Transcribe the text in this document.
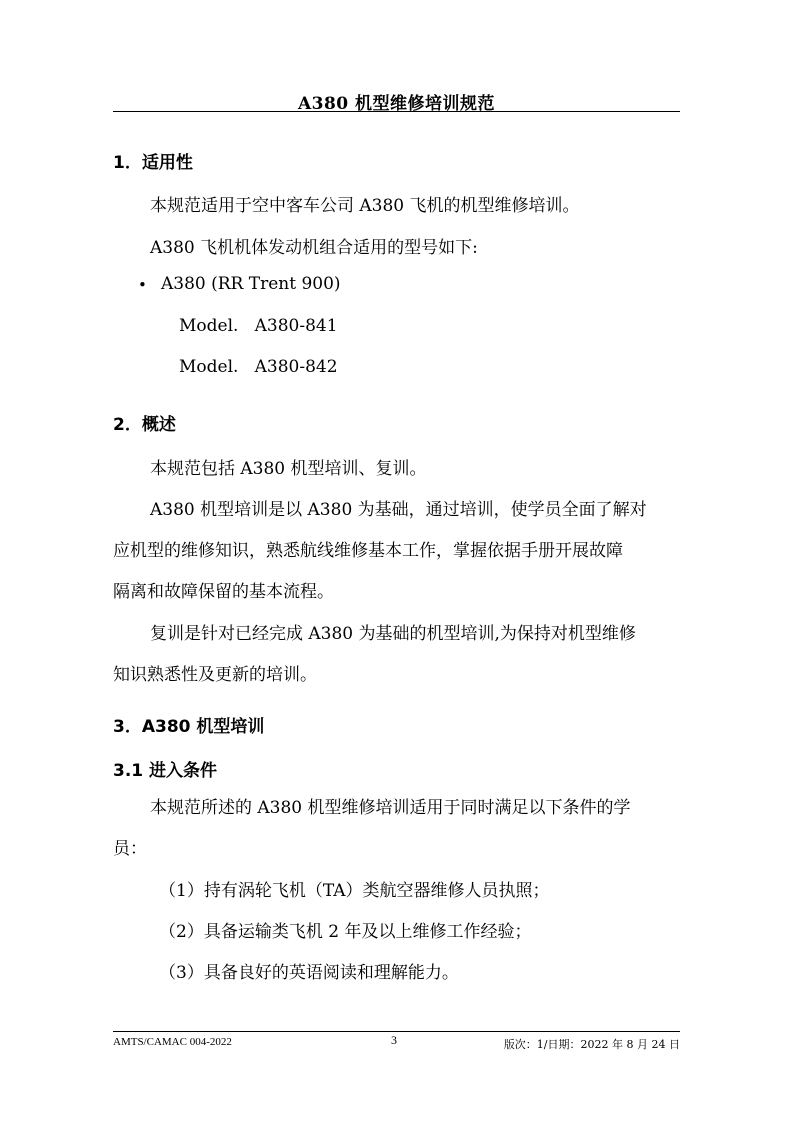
A380 机型维修培训规范
1．适用性
本规范适用于空中客车公司 A380 飞机的机型维修培训。
A380 飞机机体发动机组合适用的型号如下:
• A380 (RR Trent 900)
Model.   A380-841
Model.   A380-842
2．概述
本规范包括 A380 机型培训、复训。
A380 机型培训是以 A380 为基础，通过培训，使学员全面了解对
应机型的维修知识，熟悉航线维修基本工作，掌握依据手册开展故障
隔离和故障保留的基本流程。
复训是针对已经完成 A380 为基础的机型培训,为保持对机型维修
知识熟悉性及更新的培训。
3．A380 机型培训
3.1 进入条件
本规范所述的 A380 机型维修培训适用于同时满足以下条件的学
员：
（1）持有涡轮飞机（TA）类航空器维修人员执照；
（2）具备运输类飞机 2 年及以上维修工作经验；
（3）具备良好的英语阅读和理解能力。
AMTS/CAMAC 004-2022	3	版次：1/日期：2022 年 8 月 24 日
